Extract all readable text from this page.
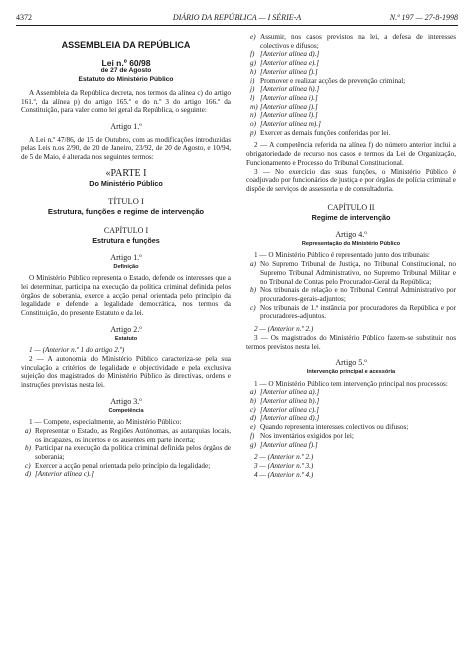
4372	DIÁRIO DA REPÚBLICA — I SÉRIE-A	N.º 197 — 27-8-1998
ASSEMBLEIA DA REPÚBLICA
Lei n.º 60/98
de 27 de Agosto
Estatuto do Ministério Público

A Assembleia da República decreta, nos termos da alínea c) do artigo 161.º, da alínea p) do artigo 165.º e do n.º 3 do artigo 166.º da Constituição, para valer como lei geral da República, o seguinte:

Artigo 1.º

A Lei n.º 47/86, de 15 de Outubro, com as modificações introduzidas pelas Leis n.os 2/90, de 20 de Janeiro, 23/92, de 20 de Agosto, e 10/94, de 5 de Maio, é alterada nos seguintes termos:

«PARTE I
Do Ministério Público
TÍTULO I
Estrutura, funções e regime de intervenção
CAPÍTULO I
Estrutura e funções
Artigo 1.º
Definição

O Ministério Público representa o Estado, defende os interesses que a lei determinar, participa na execução da política criminal definida pelos órgãos de soberania, exerce a acção penal orientada pelo princípio da legalidade e defende a legalidade democrática, nos termos da Constituição, do presente Estatuto e da lei.

Artigo 2.º
Estatuto

1 — (Anterior n.º 1 do artigo 2.º)

2 — A autonomia do Ministério Público caracteriza-se pela sua vinculação a critérios de legalidade e objectividade e pela exclusiva sujeição dos magistrados do Ministério Público às directivas, ordens e instruções previstas nesta lei.

Artigo 3.º
Competência

1 — Compete, especialmente, ao Ministério Público:

a) Representar o Estado, as Regiões Autónomas, as autarquias locais, os incapazes, os incertos e os ausentes em parte incerta;
b) Participar na execução da política criminal definida pelos órgãos de soberania;
c) Exercer a acção penal orientada pelo princípio da legalidade;
d) [Anterior alínea c).]
e) Assumir, nos casos previstos na lei, a defesa de interesses colectivos e difusos;
f) [Anterior alínea d).]
g) [Anterior alínea e).]
h) [Anterior alínea f).]
i) Promover e realizar acções de prevenção criminal;
j) [Anterior alínea h).]
l) [Anterior alínea i).]
m) [Anterior alínea j).]
n) [Anterior alínea l).]
o) [Anterior alínea m).]
p) Exercer as demais funções conferidas por lei.

2 — A competência referida na alínea f) do número anterior inclui a obrigatoriedade de recurso nos casos e termos da Lei de Organização, Funcionamento e Processo do Tribunal Constitucional.

3 — No exercício das suas funções, o Ministério Público é coadjuvado por funcionários de justiça e por órgãos de polícia criminal e dispõe de serviços de assessoria e de consultadoria.

CAPÍTULO II
Regime de intervenção
Artigo 4.º
Representação do Ministério Público

1 — O Ministério Público é representado junto dos tribunais:

a) No Supremo Tribunal de Justiça, no Tribunal Constitucional, no Supremo Tribunal Administrativo, no Supremo Tribunal Militar e no Tribunal de Contas pelo Procurador-Geral da República;
b) Nos tribunais de relação e no Tribunal Central Administrativo por procuradores-gerais-adjuntos;
c) Nos tribunais de 1.ª instância por procuradores da República e por procuradores-adjuntos.

2 — (Anterior n.º 2.)

3 — Os magistrados do Ministério Público fazem-se substituir nos termos previstos nesta lei.

Artigo 5.º
Intervenção principal e acessória

1 — O Ministério Público tem intervenção principal nos processos:

a) [Anterior alínea a).]
b) [Anterior alínea b).]
c) [Anterior alínea c).]
d) [Anterior alínea d).]
e) Quando representa interesses colectivos ou difusos;
f) Nos inventários exigidos por lei;
g) [Anterior alínea f).]

2 — (Anterior n.º 2.)

3 — (Anterior n.º 3.)

4 — (Anterior n.º 4.)
